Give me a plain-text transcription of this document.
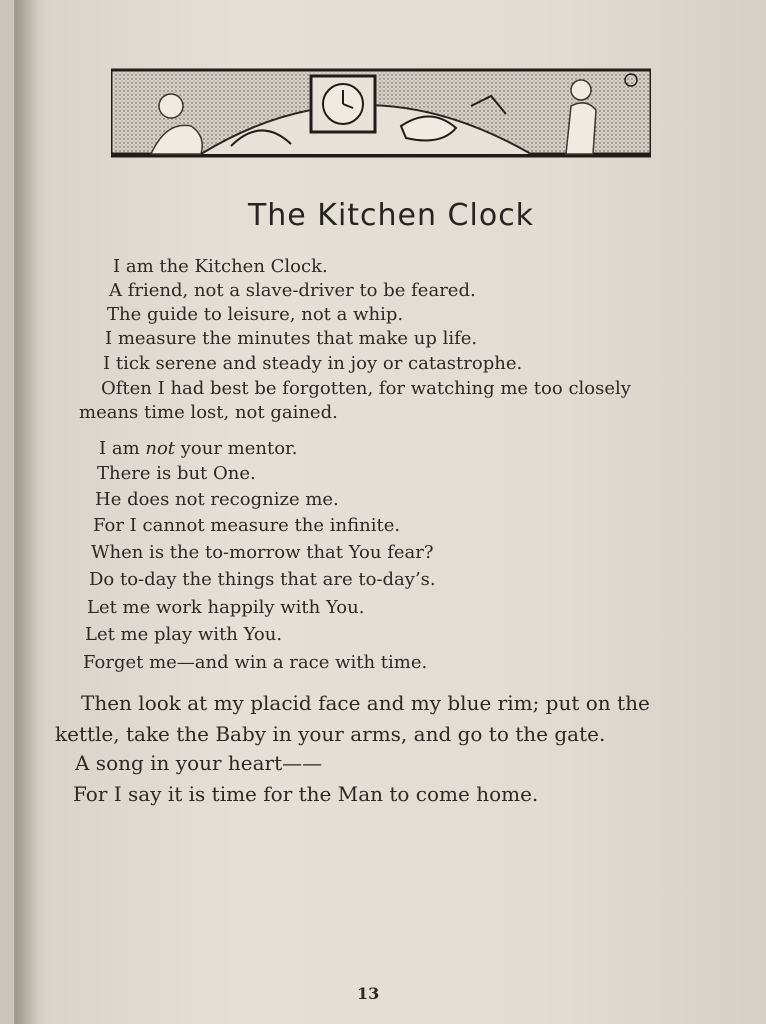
The Kitchen Clock
I am the Kitchen Clock.
A friend, not a slave-driver to be feared.
The guide to leisure, not a whip.
I measure the minutes that make up life.
I tick serene and steady in joy or catastrophe.
Often I had best be forgotten, for watching me too closely
means time lost, not gained.
I am not your mentor.
There is but One.
He does not recognize me.
For I cannot measure the infinite.
When is the to-morrow that You fear?
Do to-day the things that are to-day’s.
Let me work happily with You.
Let me play with You.
Forget me—and win a race with time.
Then look at my placid face and my blue rim; put on the
kettle, take the Baby in your arms, and go to the gate.
A song in your heart——
For I say it is time for the Man to come home.
13
